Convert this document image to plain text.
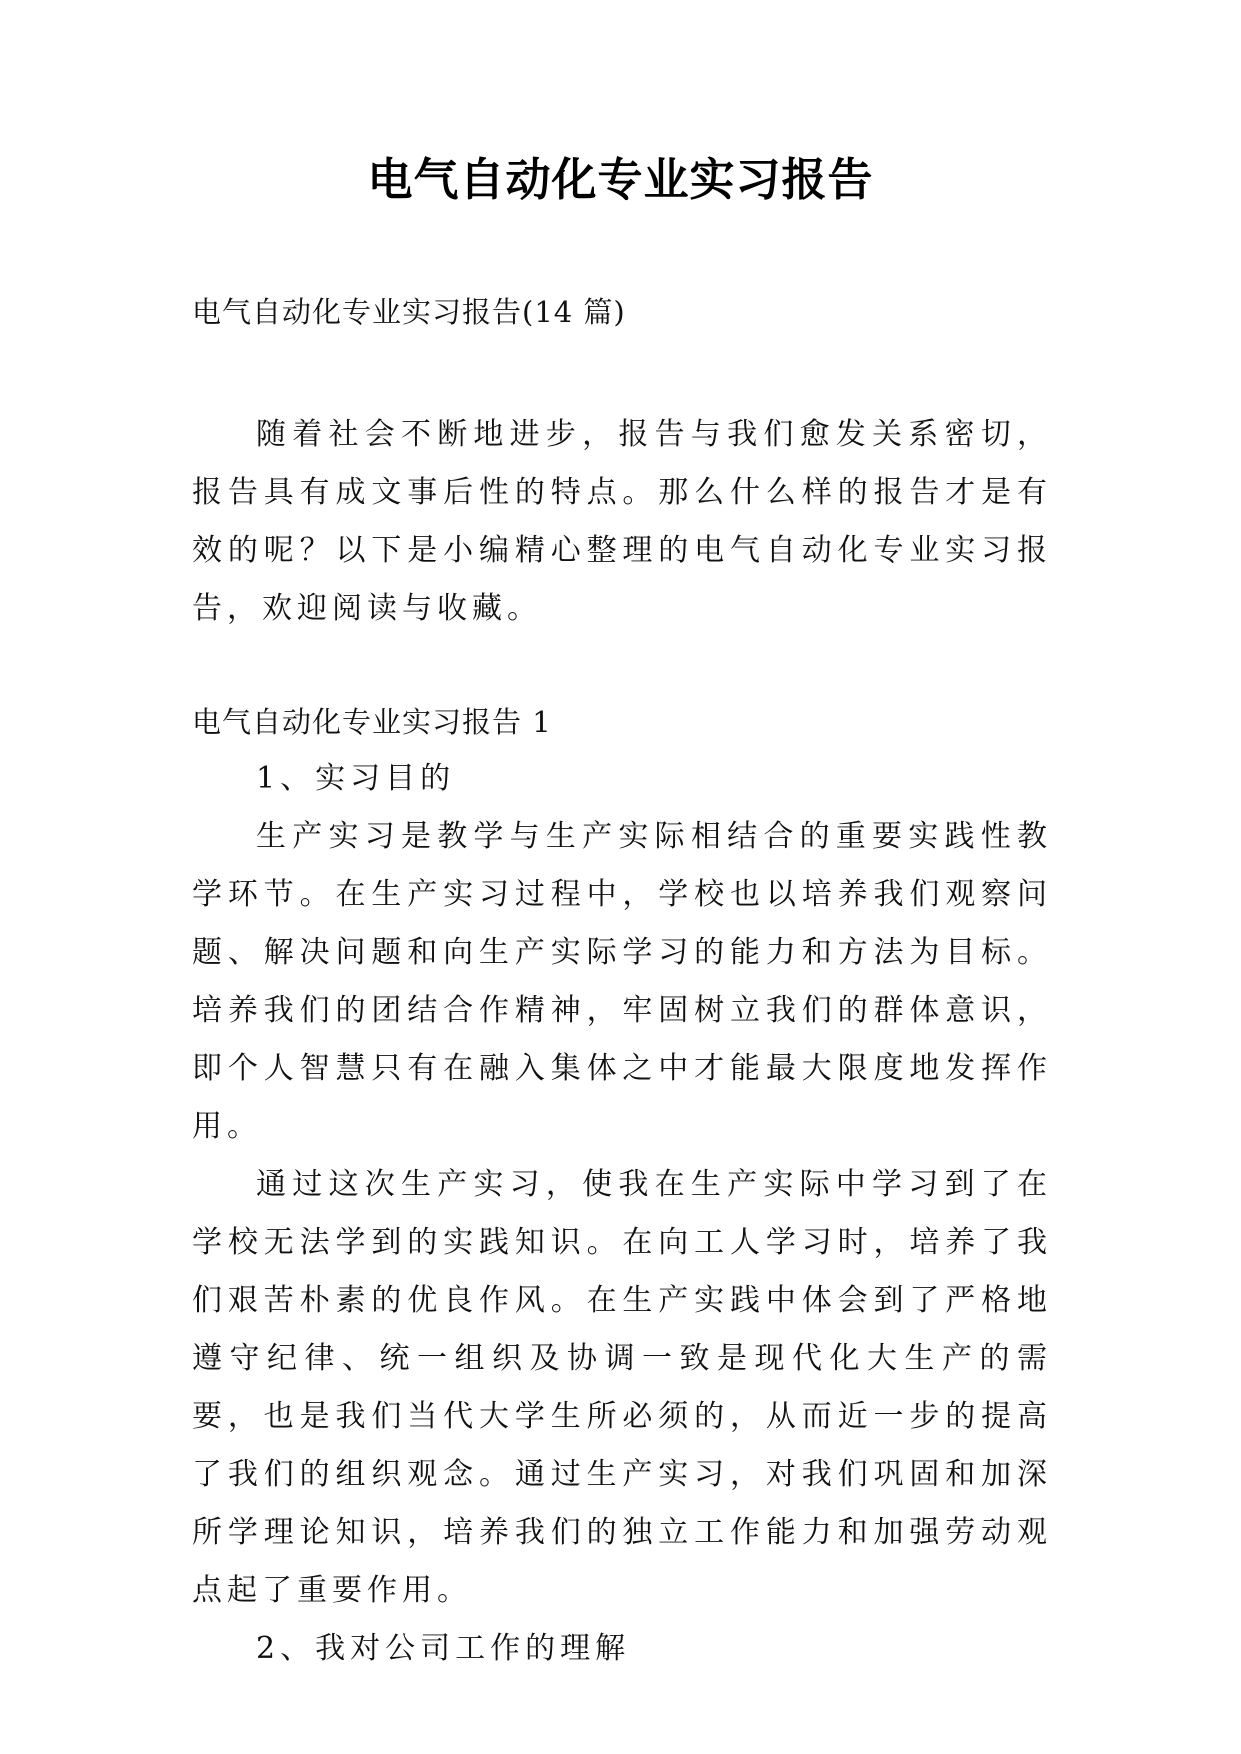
电气自动化专业实习报告
电气自动化专业实习报告(14 篇)
随着社会不断地进步，报告与我们愈发关系密切，报告具有成文事后性的特点。那么什么样的报告才是有效的呢？以下是小编精心整理的电气自动化专业实习报告，欢迎阅读与收藏。
电气自动化专业实习报告 1

1、实习目的

生产实习是教学与生产实际相结合的重要实践性教学环节。在生产实习过程中，学校也以培养我们观察问题、解决问题和向生产实际学习的能力和方法为目标。培养我们的团结合作精神，牢固树立我们的群体意识，即个人智慧只有在融入集体之中才能最大限度地发挥作用。

通过这次生产实习，使我在生产实际中学习到了在学校无法学到的实践知识。在向工人学习时，培养了我们艰苦朴素的优良作风。在生产实践中体会到了严格地遵守纪律、统一组织及协调一致是现代化大生产的需要，也是我们当代大学生所必须的，从而近一步的提高了我们的组织观念。通过生产实习，对我们巩固和加深所学理论知识，培养我们的独立工作能力和加强劳动观点起了重要作用。

2、我对公司工作的理解
